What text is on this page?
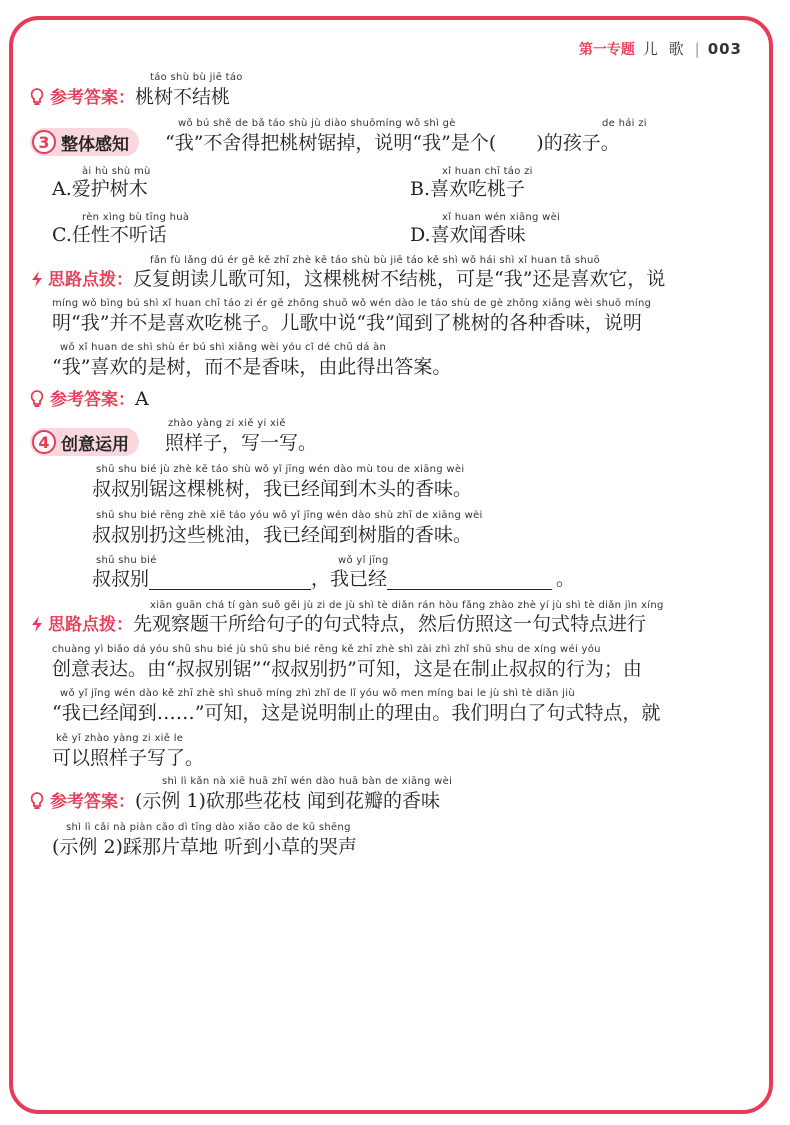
第一专题 儿 歌 | 003
táo shù bù jiē táo
参考答案：桃树不结桃
wǒ bú shě de bǎ táo shù jù diào shuōmíng wǒ shì gè	de hái zi
3 整体感知 “我”不舍得把桃树锯掉，说明“我”是个( )的孩子。
ài hù shù mù
A.爱护树木
xǐ huan chī táo zi
B.喜欢吃桃子
rèn xìng bù tīng huà
C.任性不听话
xǐ huan wén xiāng wèi
D.喜欢闻香味
fǎn fù lǎng dú ér gē kě zhī zhè kē táo shù bù jiē táo kě shì wǒ hái shì xǐ huan tā shuō
思路点拨：反复朗读儿歌可知，这棵桃树不结桃，可是“我”还是喜欢它，说
míng wǒ bìng bú shì xǐ huan chī táo zi ér gē zhōng shuō wǒ wén dào le táo shù de gè zhǒng xiāng wèi shuō míng
明“我”并不是喜欢吃桃子。儿歌中说“我”闻到了桃树的各种香味，说明
wǒ xǐ huan de shì shù ér bú shì xiāng wèi yóu cǐ dé chū dá àn
“我”喜欢的是树，而不是香味，由此得出答案。
参考答案：A
zhào yàng zi xiě yi xiě
4 创意运用 照样子，写一写。
shū shu bié jù zhè kē táo shù wǒ yǐ jīng wén dào mù tou de xiāng wèi
叔叔别锯这棵桃树，我已经闻到木头的香味。
shū shu bié rēng zhè xiē táo yóu wǒ yǐ jīng wén dào shù zhī de xiāng wèi
叔叔别扔这些桃油，我已经闻到树脂的香味。
shū shu bié	wǒ yǐ jīng
叔叔别	，我已经	。
xiān guān chá tí gàn suǒ gěi jù zi de jù shì tè diǎn rán hòu fǎng zhào zhè yí jù shì tè diǎn jìn xíng
思路点拨：先观察题干所给句子的句式特点，然后仿照这一句式特点进行
chuàng yì biǎo dá yóu shū shu bié jù shū shu bié rēng kě zhī zhè shì zài zhì zhǐ shū shu de xíng wéi yóu
创意表达。由“叔叔别锯”“叔叔别扔”可知，这是在制止叔叔的行为；由
wǒ yǐ jīng wén dào kě zhī zhè shì shuō míng zhì zhǐ de lǐ yóu wǒ men míng bai le jù shì tè diǎn jiù
“我已经闻到……”可知，这是说明制止的理由。我们明白了句式特点，就
kě yǐ zhào yàng zi xiě le
可以照样子写了。
shì lì kǎn nà xiē huā zhī wén dào huā bàn de xiāng wèi
参考答案：(示例 1)砍那些花枝 闻到花瓣的香味
shì lì cǎi nà piàn cǎo dì tīng dào xiǎo cǎo de kū shēng
(示例 2)踩那片草地 听到小草的哭声
